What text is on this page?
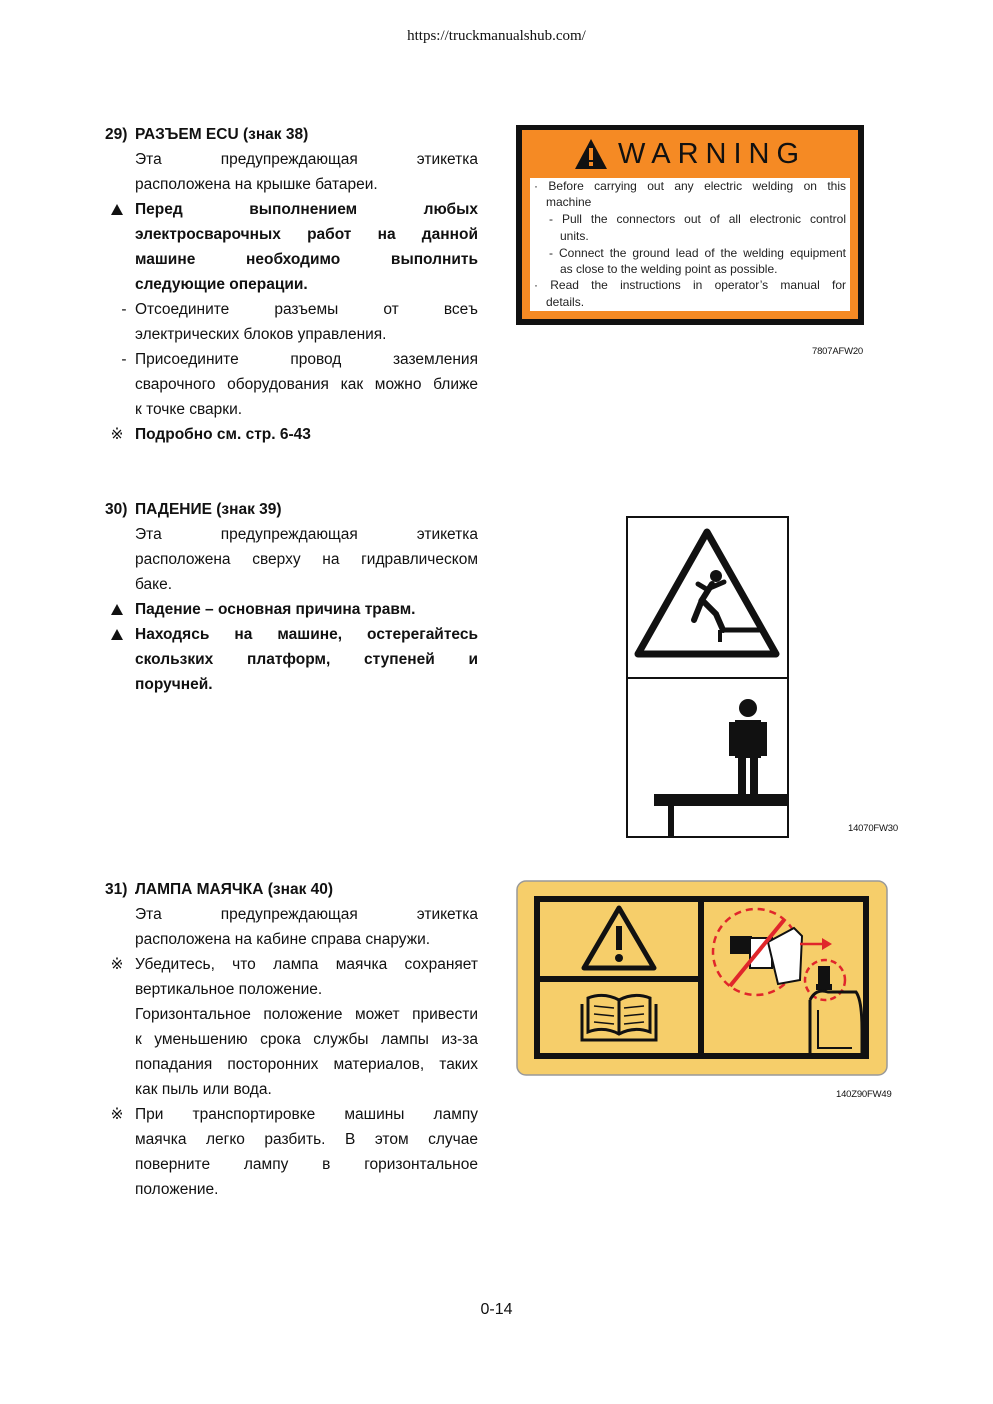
https://truckmanualshub.com/
29) РАЗЪЕМ ECU (знак 38)
Эта предупреждающая этикетка
расположена на крышке батареи.
Перед выполнением любых
электросварочных работ на данной
машине необходимо выполнить
следующие операции.
- Отсоедините разъемы от всеъ
электрических блоков управления.
- Присоедините провод заземления
сварочного оборудования как можно ближе
к точке сварки.
※ Подробно см. стр. 6-43
WARNING
· Before carrying out any electric welding on this
machine
- Pull the connectors out of all electronic control
units.
- Connect the ground lead of the welding equipment
as close to the welding point as possible.
· Read the instructions in operator’s manual for
details.
7807AFW20
30) ПАДЕНИЕ (знак 39)
Эта предупреждающая этикетка
расположена сверху на гидравлическом
баке.
Падение – основная причина травм.
Находясь на машине, остерегайтесь
скользких платформ, ступеней и
поручней.
14070FW30
31) ЛАМПА МАЯЧКА (знак 40)
Эта предупреждающая этикетка
расположена на кабине справа снаружи.
※ Убедитесь, что лампа маячка сохраняет
вертикальное положение.
Горизонтальное положение может привести
к уменьшению срока службы лампы из-за
попадания посторонних материалов, таких
как пыль или вода.
※ При транспортировке машины лампу
маячка легко разбить. В этом случае
поверните лампу в горизонтальное
положение.
140Z90FW49
0-14
